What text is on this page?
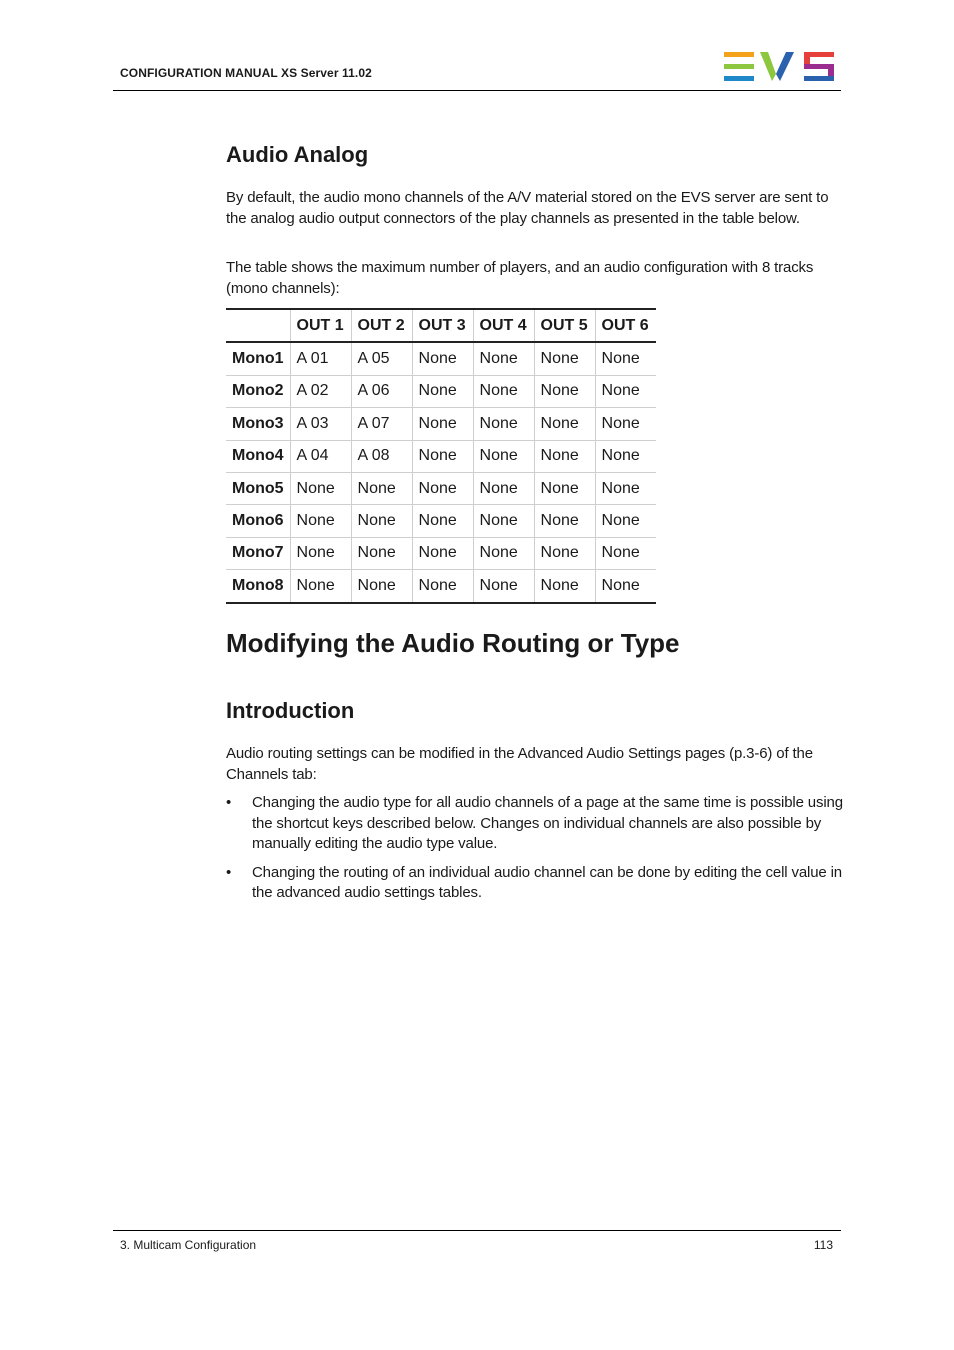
CONFIGURATION MANUAL XS Server 11.02
Audio Analog

By default, the audio mono channels of the A/V material stored on the EVS server are sent to the analog audio output connectors of the play channels as presented in the table below.

The table shows the maximum number of players, and an audio configuration with 8 tracks (mono channels):

	OUT 1	OUT 2	OUT 3	OUT 4	OUT 5	OUT 6
Mono1	A 01	A 05	None	None	None	None
Mono2	A 02	A 06	None	None	None	None
Mono3	A 03	A 07	None	None	None	None
Mono4	A 04	A 08	None	None	None	None
Mono5	None	None	None	None	None	None
Mono6	None	None	None	None	None	None
Mono7	None	None	None	None	None	None
Mono8	None	None	None	None	None	None
Modifying the Audio Routing or Type
Introduction

Audio routing settings can be modified in the Advanced Audio Settings pages (p.3-6) of the Channels tab:

• Changing the audio type for all audio channels of a page at the same time is possible using the shortcut keys described below. Changes on individual channels are also possible by manually editing the audio type value.
• Changing the routing of an individual audio channel can be done by editing the cell value in the advanced audio settings tables.
3. Multicam Configuration	113
